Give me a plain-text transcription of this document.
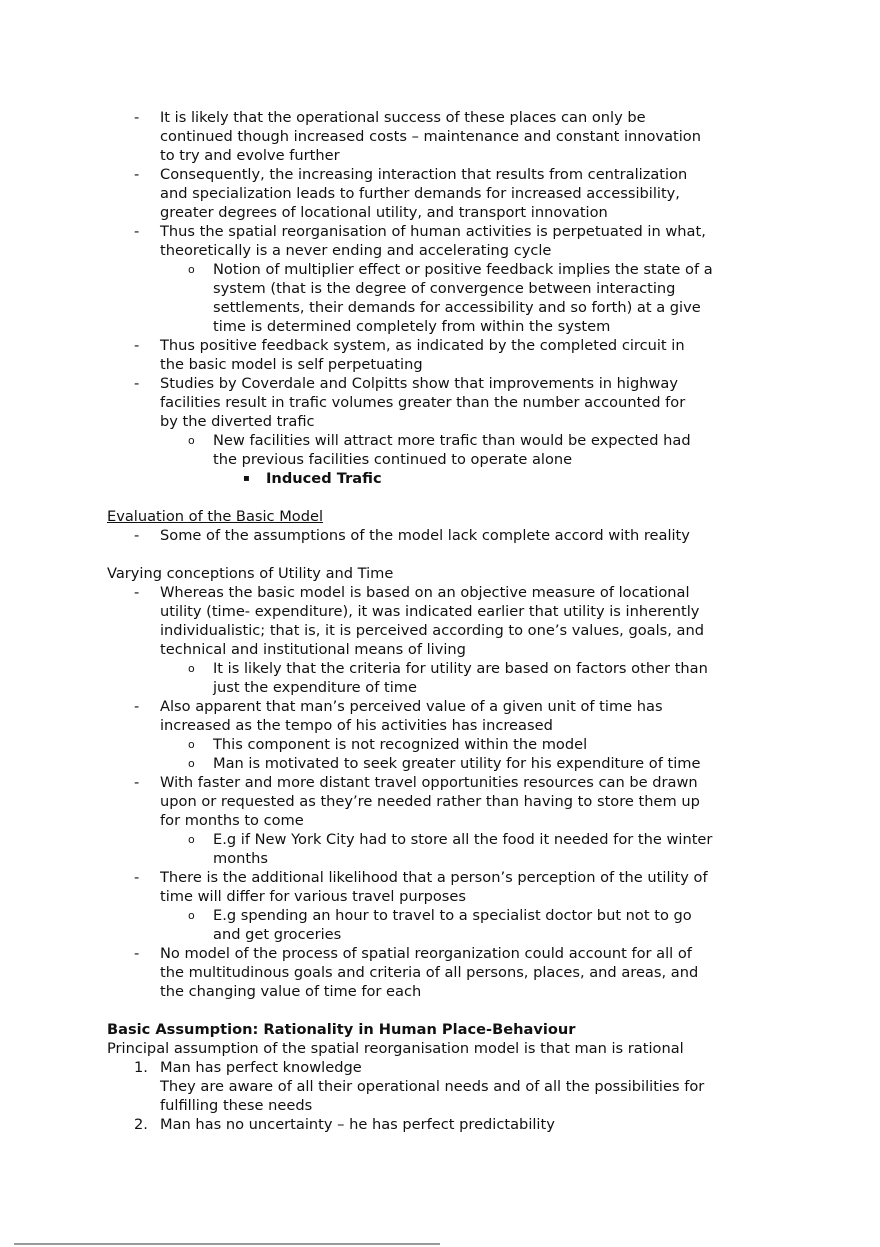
- It is likely that the operational success of these places can only be
continued though increased costs – maintenance and constant innovation
to try and evolve further
- Consequently, the increasing interaction that results from centralization
and specialization leads to further demands for increased accessibility,
greater degrees of locational utility, and transport innovation
- Thus the spatial reorganisation of human activities is perpetuated in what,
theoretically is a never ending and accelerating cycle
o Notion of multiplier effect or positive feedback implies the state of a
system (that is the degree of convergence between interacting
settlements, their demands for accessibility and so forth) at a give
time is determined completely from within the system
- Thus positive feedback system, as indicated by the completed circuit in
the basic model is self perpetuating
- Studies by Coverdale and Colpitts show that improvements in highway
facilities result in traﬁc volumes greater than the number accounted for
by the diverted traﬁc
o New facilities will attract more traﬁc than would be expected had
the previous facilities continued to operate alone
▪ Induced Traﬁc
Evaluation of the Basic Model
- Some of the assumptions of the model lack complete accord with reality
Varying conceptions of Utility and Time
- Whereas the basic model is based on an objective measure of locational
utility (time- expenditure), it was indicated earlier that utility is inherently
individualistic; that is, it is perceived according to one’s values, goals, and
technical and institutional means of living
o It is likely that the criteria for utility are based on factors other than
just the expenditure of time
- Also apparent that man’s perceived value of a given unit of time has
increased as the tempo of his activities has increased
o This component is not recognized within the model
o Man is motivated to seek greater utility for his expenditure of time
- With faster and more distant travel opportunities resources can be drawn
upon or requested as they’re needed rather than having to store them up
for months to come
o E.g if New York City had to store all the food it needed for the winter
months
- There is the additional likelihood that a person’s perception of the utility of
time will differ for various travel purposes
o E.g spending an hour to travel to a specialist doctor but not to go
and get groceries
- No model of the process of spatial reorganization could account for all of
the multitudinous goals and criteria of all persons, places, and areas, and
the changing value of time for each
Basic Assumption: Rationality in Human Place-Behaviour
Principal assumption of the spatial reorganisation model is that man is rational
1. Man has perfect knowledge
They are aware of all their operational needs and of all the possibilities for
fulfilling these needs
2. Man has no uncertainty – he has perfect predictability
